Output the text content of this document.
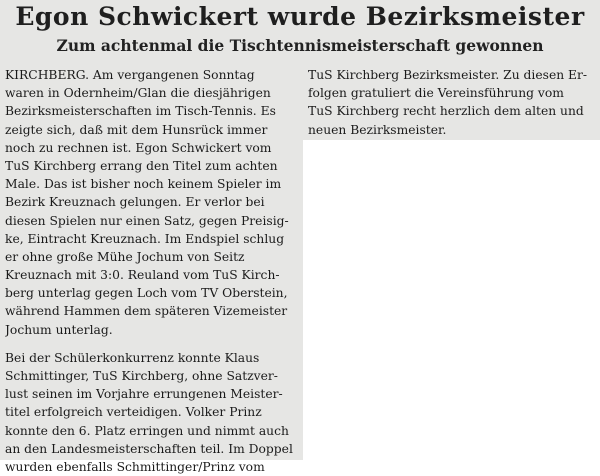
Egon Schwickert wurde Bezirksmeister
Zum achtenmal die Tischtennismeisterschaft gewonnen
KIRCHBERG. Am vergangenen Sonntag
waren in Odernheim/Glan die diesjährigen
Bezirksmeisterschaften im Tisch-Tennis. Es
zeigte sich, daß mit dem Hunsrück immer
noch zu rechnen ist. Egon Schwickert vom
TuS Kirchberg errang den Titel zum achten
Male. Das ist bisher noch keinem Spieler im
Bezirk Kreuznach gelungen. Er verlor bei
diesen Spielen nur einen Satz, gegen Preisig-
ke, Eintracht Kreuznach. Im Endspiel schlug
er ohne große Mühe Jochum von Seitz
Kreuznach mit 3:0. Reuland vom TuS Kirch-
berg unterlag gegen Loch vom TV Oberstein,
während Hammen dem späteren Vizemeister
Jochum unterlag.
Bei der Schülerkonkurrenz konnte Klaus
Schmittinger, TuS Kirchberg, ohne Satzver-
lust seinen im Vorjahre errungenen Meister-
titel erfolgreich verteidigen. Volker Prinz
konnte den 6. Platz erringen und nimmt auch
an den Landesmeisterschaften teil. Im Doppel
wurden ebenfalls Schmittinger/Prinz vom
TuS Kirchberg Bezirksmeister. Zu diesen Er-
folgen gratuliert die Vereinsführung vom
TuS Kirchberg recht herzlich dem alten und
neuen Bezirksmeister.
